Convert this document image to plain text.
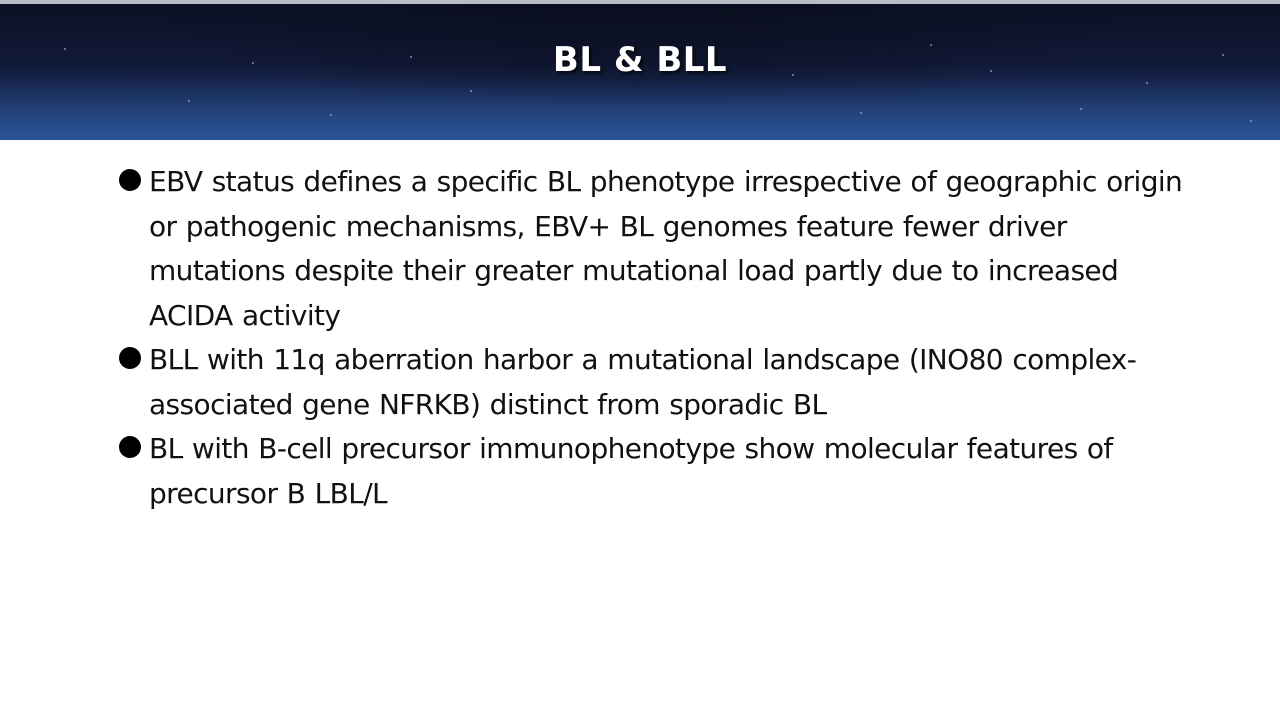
BL & BLL
EBV status defines a specific BL phenotype irrespective of geographic origin or pathogenic mechanisms, EBV+ BL genomes feature fewer driver mutations despite their greater mutational load partly due to increased ACIDA activity
BLL with 11q aberration harbor a mutational landscape (INO80 complex-associated gene NFRKB) distinct from sporadic BL
BL with B-cell precursor immunophenotype show molecular features of precursor B LBL/L
